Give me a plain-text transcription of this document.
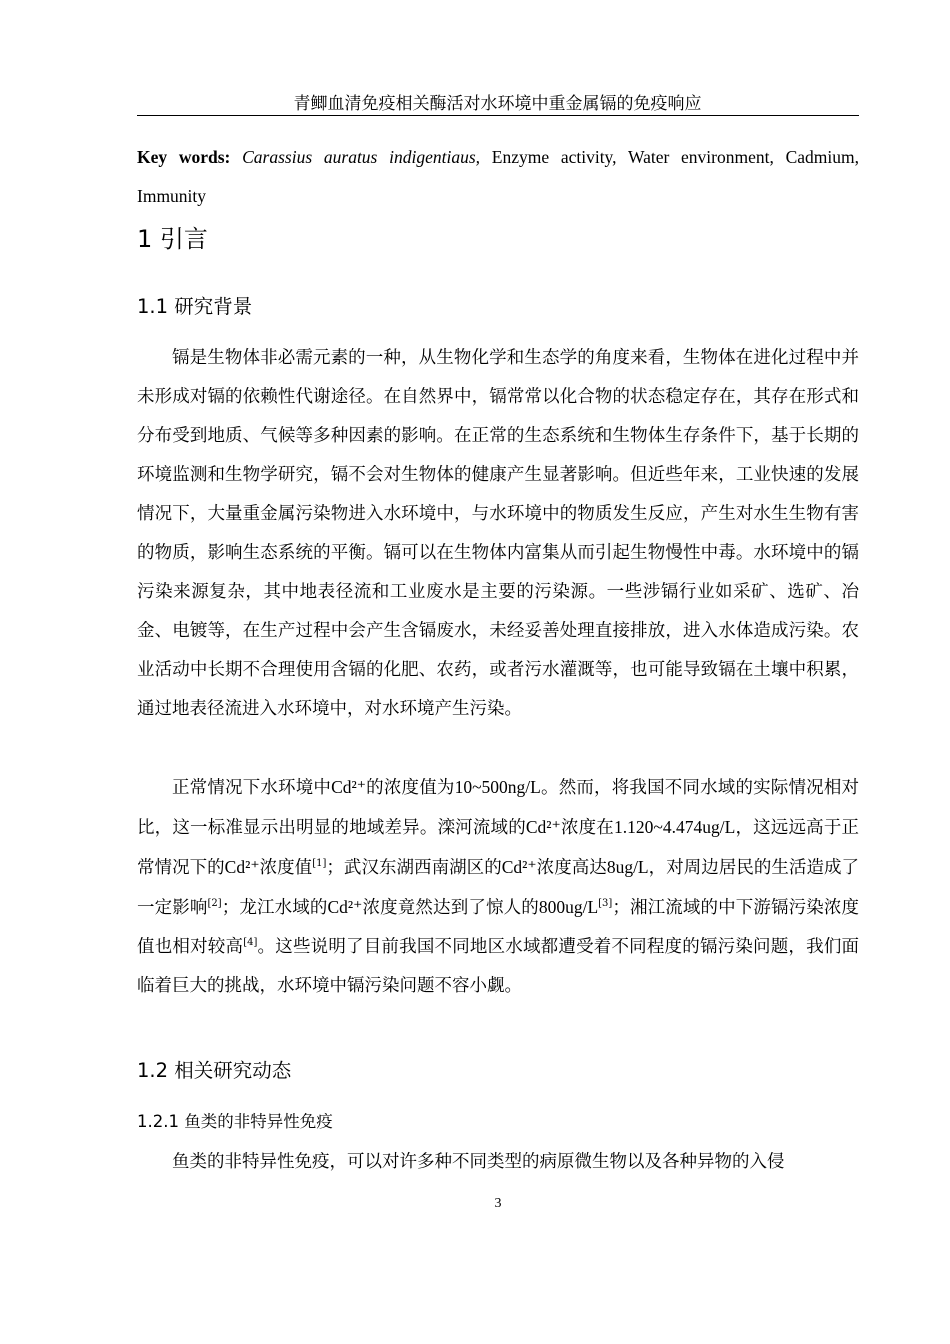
青鲫血清免疫相关酶活对水环境中重金属镉的免疫响应
Key words: Carassius auratus indigentiaus, Enzyme activity, Water environment, Cadmium, Immunity
1 引言
1.1 研究背景

镉是生物体非必需元素的一种，从生物化学和生态学的角度来看，生物体在进化过程中并未形成对镉的依赖性代谢途径。在自然界中，镉常常以化合物的状态稳定存在，其存在形式和分布受到地质、气候等多种因素的影响。在正常的生态系统和生物体生存条件下，基于长期的环境监测和生物学研究，镉不会对生物体的健康产生显著影响。但近些年来，工业快速的发展情况下，大量重金属污染物进入水环境中，与水环境中的物质发生反应，产生对水生生物有害的物质，影响生态系统的平衡。镉可以在生物体内富集从而引起生物慢性中毒。水环境中的镉污染来源复杂，其中地表径流和工业废水是主要的污染源。一些涉镉行业如采矿、选矿、冶金、电镀等，在生产过程中会产生含镉废水，未经妥善处理直接排放，进入水体造成污染。农业活动中长期不合理使用含镉的化肥、农药，或者污水灌溉等，也可能导致镉在土壤中积累，通过地表径流进入水环境中，对水环境产生污染。

正常情况下水环境中Cd²⁺的浓度值为10~500ng/L。然而，将我国不同水域的实际情况相对比，这一标准显示出明显的地域差异。滦河流域的Cd²⁺浓度在1.120~4.474ug/L，这远远高于正常情况下的Cd²⁺浓度值[1]；武汉东湖西南湖区的Cd²⁺浓度高达8ug/L，对周边居民的生活造成了一定影响[2]；龙江水域的Cd²⁺浓度竟然达到了惊人的800ug/L[3]；湘江流域的中下游镉污染浓度值也相对较高[4]。这些说明了目前我国不同地区水域都遭受着不同程度的镉污染问题，我们面临着巨大的挑战，水环境中镉污染问题不容小觑。

1.2 相关研究动态
1.2.1 鱼类的非特异性免疫

鱼类的非特异性免疫，可以对许多种不同类型的病原微生物以及各种异物的入侵

3
